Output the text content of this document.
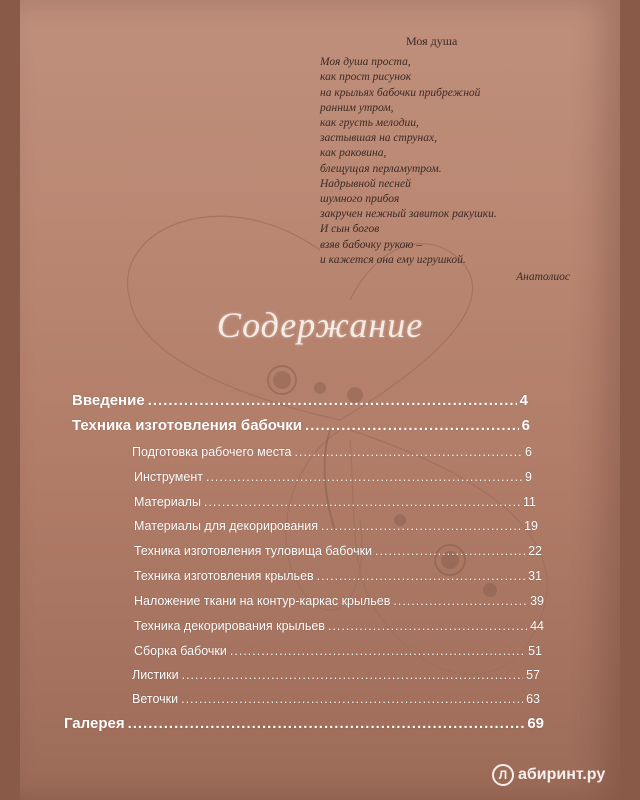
Моя душа
Моя душа проста,
как прост рисунок
на крыльях бабочки прибрежной
ранним утром,
как грусть мелодии,
застывшая на струнах,
как раковина,
блещущая перламутром.
Надрывной песней
шумного прибоя
закручен нежный завиток ракушки.
И сын богов
взяв бабочку рукою –
и кажется она ему игрушкой.
Анатолиос
Содержание
Введение .....	4
Техника изготовления бабочки .....	6
Подготовка рабочего места .....	6
Инструмент .....	9
Материалы .....	11
Материалы для декорирования .....	19
Техника изготовления туловища бабочки .....	22
Техника изготовления крыльев .....	31
Наложение ткани на контур-каркас крыльев .....	39
Техника декорирования крыльев .....	44
Сборка бабочки .....	51
Листики .....	57
Веточки .....	63
Галерея .....	69
Л абиринт.ру
